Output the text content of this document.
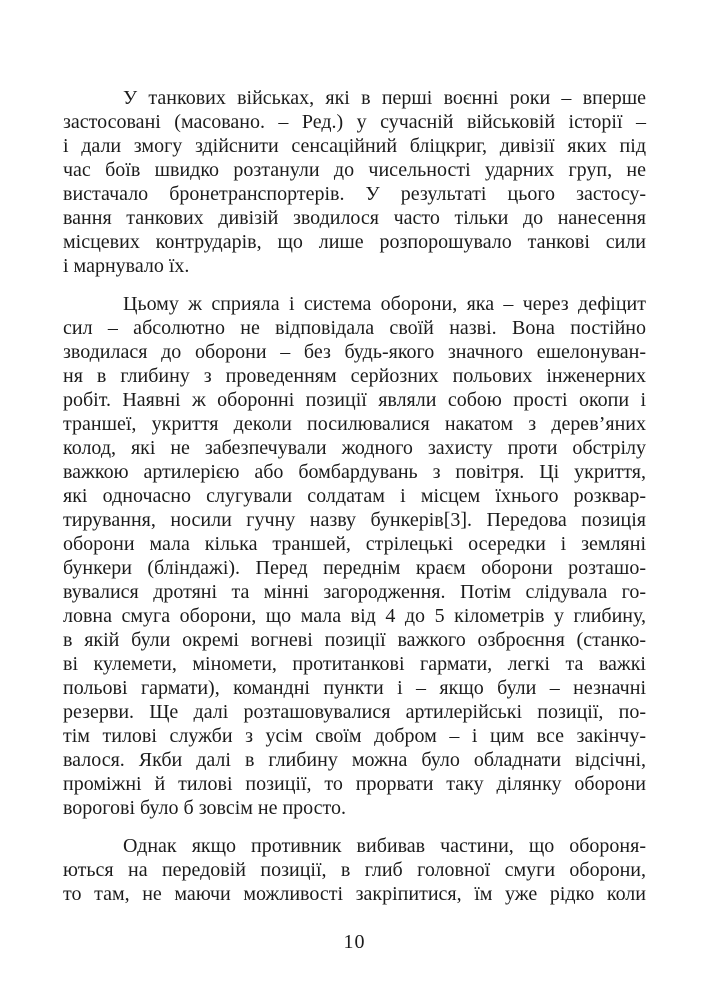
У танкових військах, які в перші воєнні роки – вперше
застосовані (масовано. – Ред.) у сучасній військовій історії –
і дали змогу здійснити сенсаційний бліцкриг, дивізії яких під
час боїв швидко розтанули до чисельності ударних груп, не
вистачало бронетранспортерів. У результаті цього застосу-
вання танкових дивізій зводилося часто тільки до нанесення
місцевих контрударів, що лише розпорошувало танкові сили
і марнувало їх.

Цьому ж сприяла і система оборони, яка – через дефіцит
сил – абсолютно не відповідала своїй назві. Вона постійно
зводилася до оборони – без будь-якого значного ешелонуван-
ня в глибину з проведенням серйозних польових інженерних
робіт. Наявні ж оборонні позиції являли собою прості окопи і
траншеї, укриття деколи посилювалися накатом з дерев’яних
колод, які не забезпечували жодного захисту проти обстрілу
важкою артилерією або бомбардувань з повітря. Ці укриття,
які одночасно слугували солдатам і місцем їхнього розквар-
тирування, носили гучну назву бункерів[3]. Передова позиція
оборони мала кілька траншей, стрілецькі осередки і земляні
бункери (бліндажі). Перед переднім краєм оборони розташо-
вувалися дротяні та мінні загородження. Потім слідувала го-
ловна смуга оборони, що мала від 4 до 5 кілометрів у глибину,
в якій були окремі вогневі позиції важкого озброєння (станко-
ві кулемети, міномети, протитанкові гармати, легкі та важкі
польові гармати), командні пункти і – якщо були – незначні
резерви. Ще далі розташовувалися артилерійські позиції, по-
тім тилові служби з усім своїм добром – і цим все закінчу-
валося. Якби далі в глибину можна було обладнати відсічні,
проміжні й тилові позиції, то прорвати таку ділянку оборони
ворогові було б зовсім не просто.

Однак якщо противник вибивав частини, що обороня-
ються на передовій позиції, в глиб головної смуги оборони,
то там, не маючи можливості закріпитися, їм уже рідко коли

10
